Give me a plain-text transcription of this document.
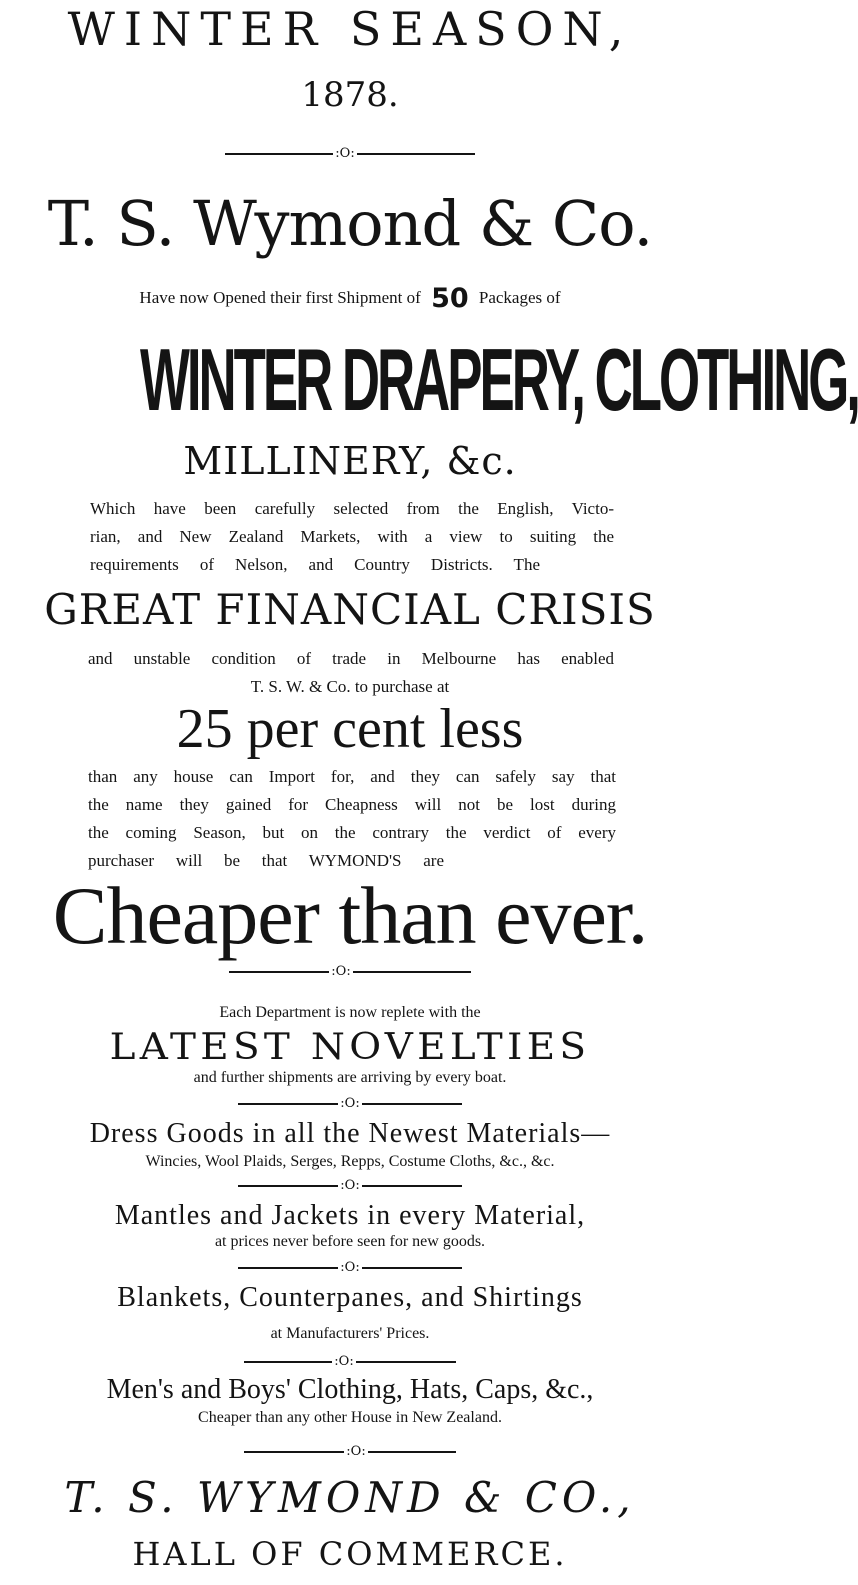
WINTER SEASON,

1878.

:O:

T. S. Wymond & Co.

Have now Opened their first Shipment of 50 Packages of

WINTER DRAPERY, CLOTHING,

MILLINERY, &c.

Which have been carefully selected from the English, Victo-

rian, and New Zealand Markets, with a view to suiting the

requirements of Nelson, and Country Districts. The

GREAT FINANCIAL CRISIS

and unstable condition of trade in Melbourne has enabled

T. S. W. & Co. to purchase at

25 per cent less

than any house can Import for, and they can safely say that

the name they gained for Cheapness will not be lost during

the coming Season, but on the contrary the verdict of every

purchaser will be that WYMOND'S are

Cheaper than ever.

:O:

Each Department is now replete with the

LATEST NOVELTIES

and further shipments are arriving by every boat.

:O:

Dress Goods in all the Newest Materials—

Wincies, Wool Plaids, Serges, Repps, Costume Cloths, &c., &c.

:O:

Mantles and Jackets in every Material,

at prices never before seen for new goods.

:O:

Blankets, Counterpanes, and Shirtings

at Manufacturers' Prices.

:O:

Men's and Boys' Clothing, Hats, Caps, &c.,

Cheaper than any other House in New Zealand.

:O:

T. S. WYMOND & CO.,

HALL OF COMMERCE.
